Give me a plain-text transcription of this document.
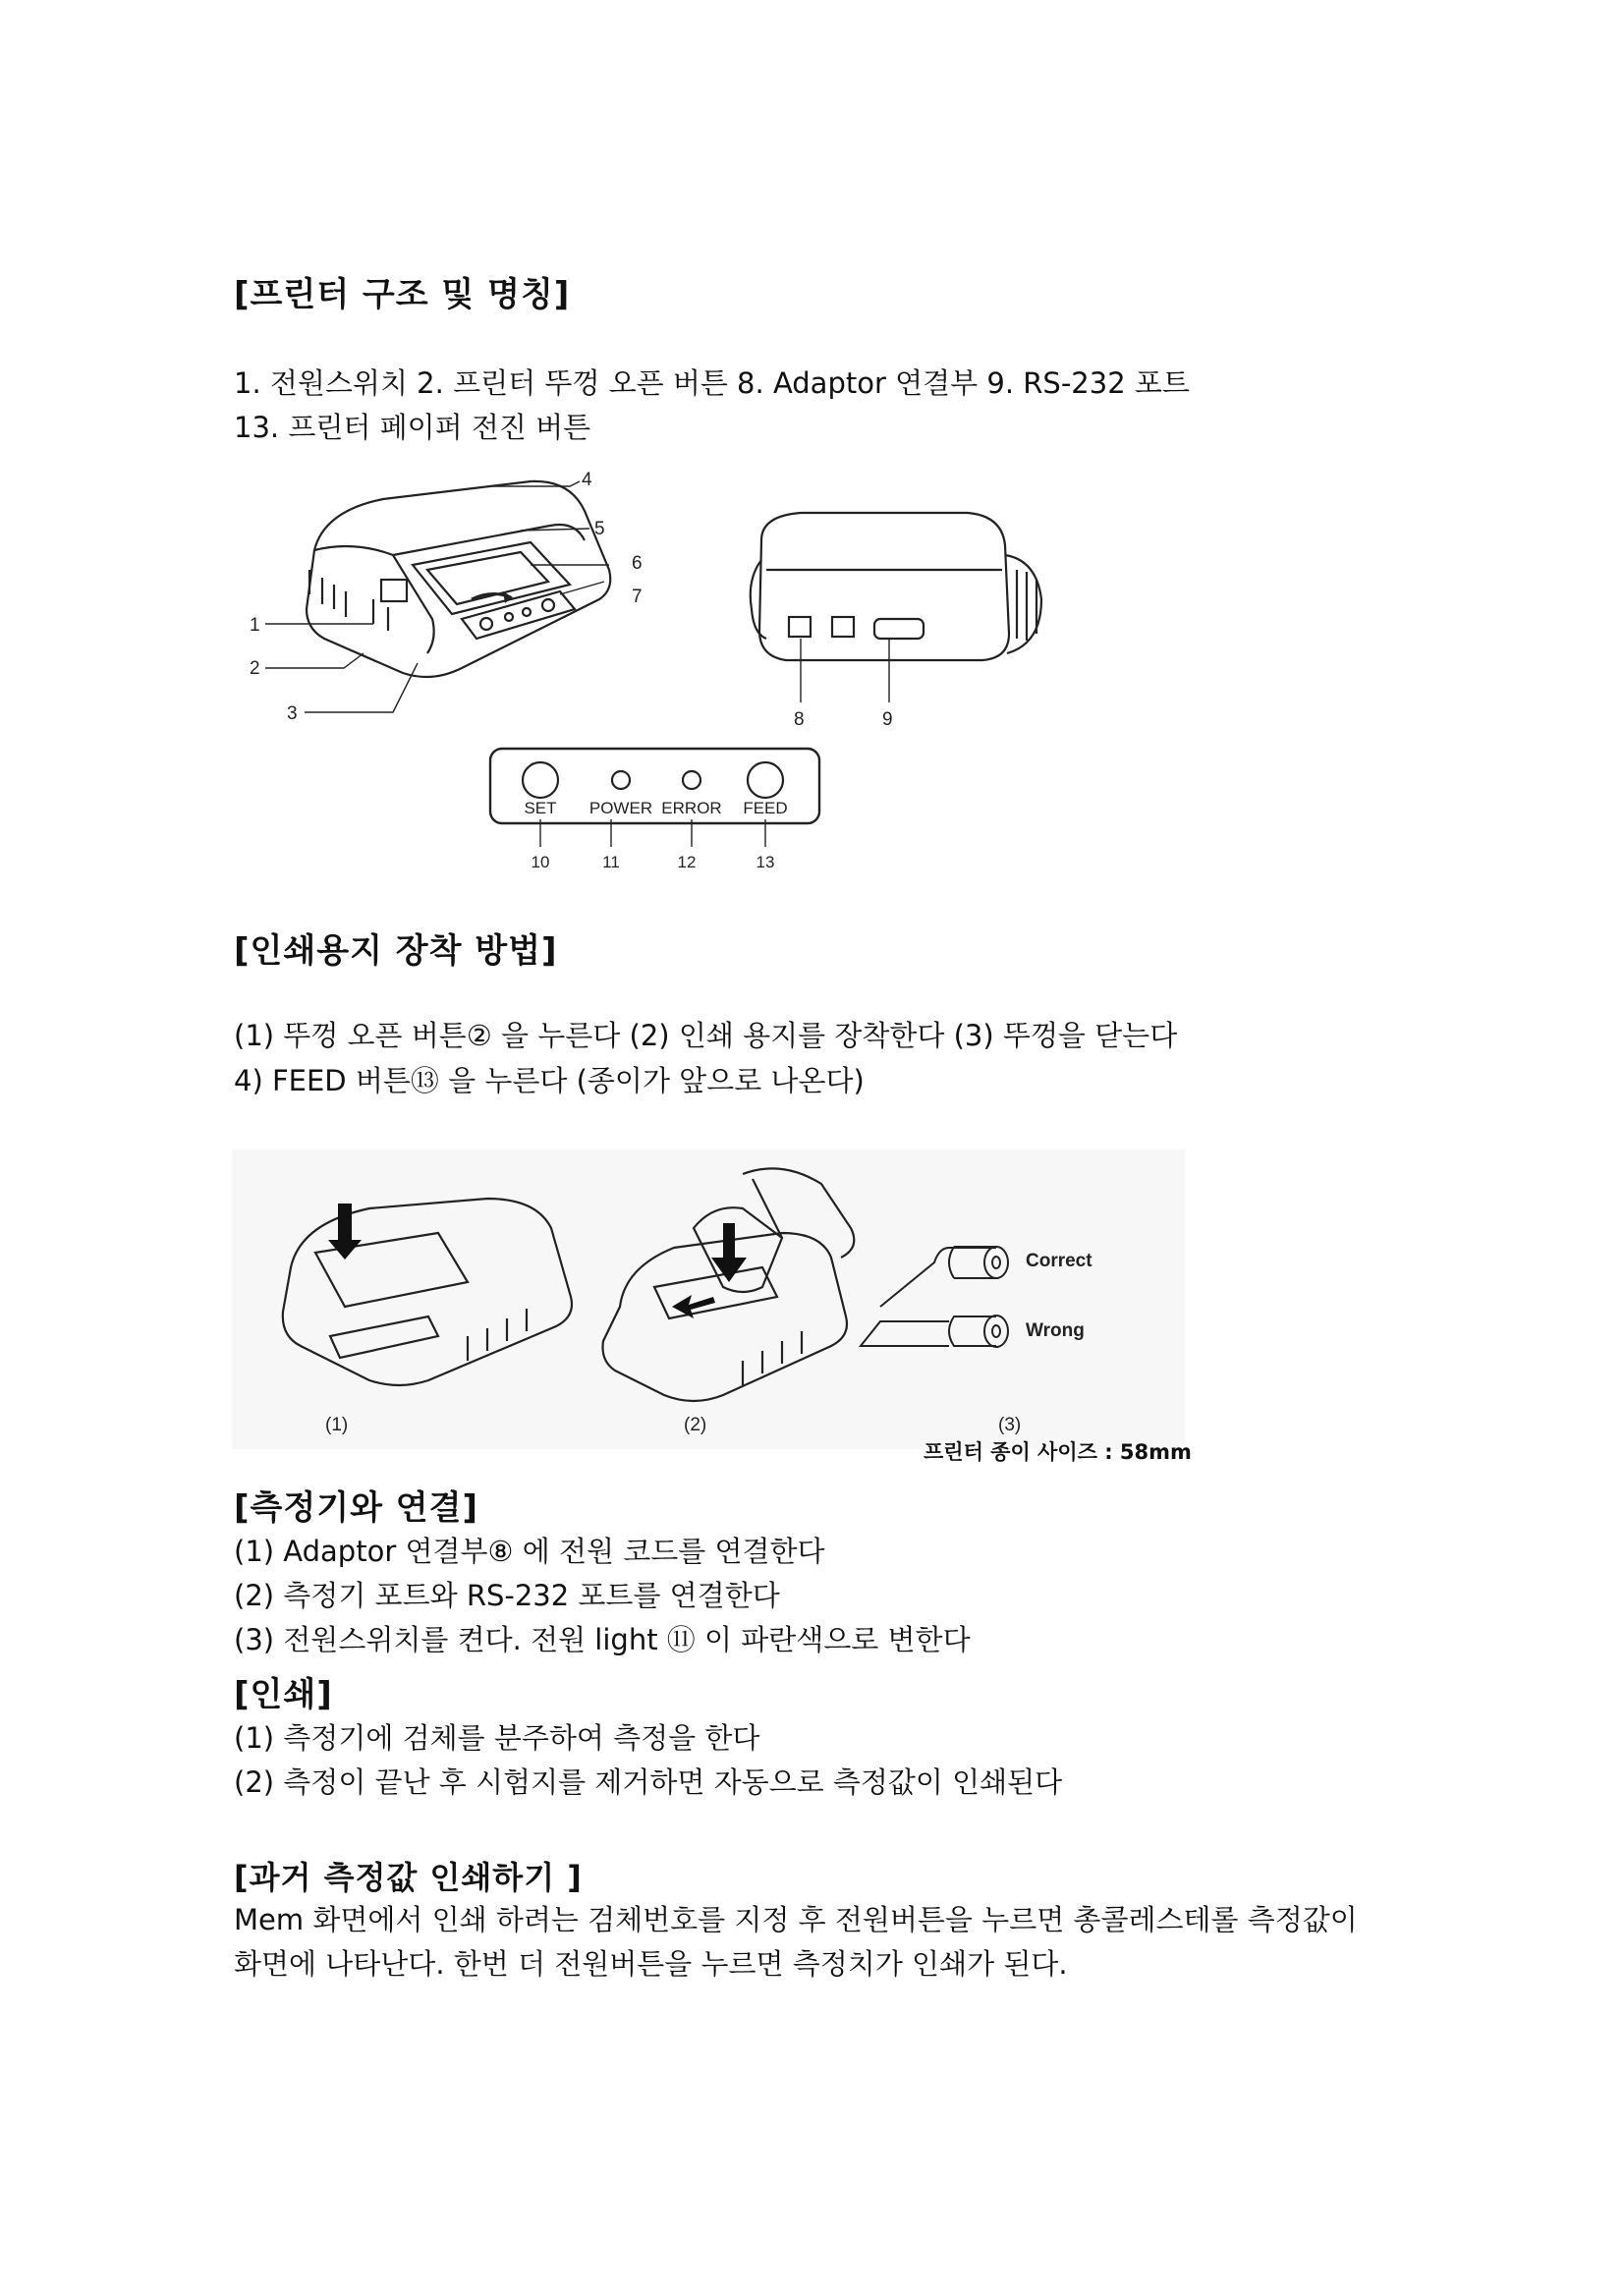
[프린터 구조 및 명칭]
1. 전원스위치 2. 프린터 뚜껑 오픈 버튼 8. Adaptor 연결부 9. RS-232 포트
13. 프린터 페이퍼 전진 버튼
4
5
6
7
1
2
3	8	9
SET POWER ERROR FEED
10	11	12	13
[인쇄용지 장착 방법]
(1) 뚜껑 오픈 버튼② 을 누른다 (2) 인쇄 용지를 장착한다 (3) 뚜껑을 닫는다
4) FEED 버튼⑬ 을 누른다 (종이가 앞으로 나온다)
Correct
Wrong
(1)	(2)	(3)
프린터 종이 사이즈 : 58mm
[측정기와 연결]
(1) Adaptor 연결부⑧ 에 전원 코드를 연결한다
(2) 측정기 포트와 RS-232 포트를 연결한다
(3) 전원스위치를 켠다. 전원 light ⑪ 이 파란색으로 변한다
[인쇄]
(1) 측정기에 검체를 분주하여 측정을 한다
(2) 측정이 끝난 후 시험지를 제거하면 자동으로 측정값이 인쇄된다
[과거 측정값 인쇄하기 ]
Mem 화면에서 인쇄 하려는 검체번호를 지정 후 전원버튼을 누르면 총콜레스테롤 측정값이
화면에 나타난다. 한번 더 전원버튼을 누르면 측정치가 인쇄가 된다.
